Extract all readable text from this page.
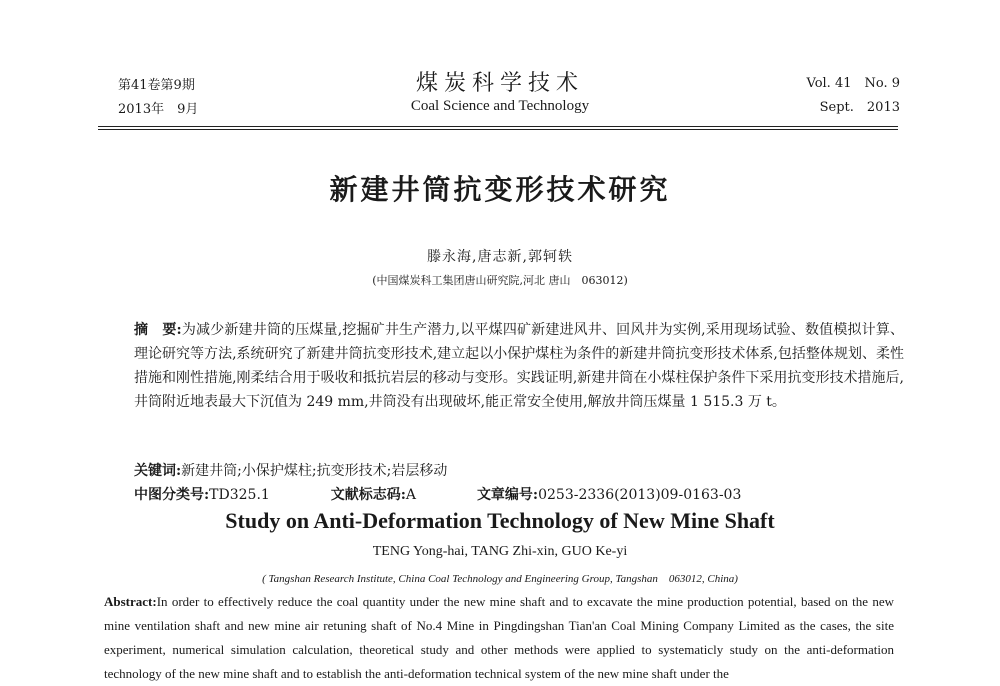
第41卷第9期
2013年　9月
煤炭科学技术
Coal Science and Technology
Vol. 41　No. 9
Sept.　2013
新建井筒抗变形技术研究
滕永海,唐志新,郭轲轶
(中国煤炭科工集团唐山研究院,河北 唐山　063012)
摘　要:为减少新建井筒的压煤量,挖掘矿井生产潜力,以平煤四矿新建进风井、回风井为实例,采用现场试验、数值模拟计算、理论研究等方法,系统研究了新建井筒抗变形技术,建立起以小保护煤柱为条件的新建井筒抗变形技术体系,包括整体规划、柔性措施和刚性措施,刚柔结合用于吸收和抵抗岩层的移动与变形。实践证明,新建井筒在小煤柱保护条件下采用抗变形技术措施后,井筒附近地表最大下沉值为 249 mm,井筒没有出现破坏,能正常安全使用,解放井筒压煤量 1 515.3 万 t。
关键词:新建井筒;小保护煤柱;抗变形技术;岩层移动
中图分类号:TD325.1	文献标志码:A	文章编号:0253-2336(2013)09-0163-03
Study on Anti-Deformation Technology of New Mine Shaft
TENG Yong-hai, TANG Zhi-xin, GUO Ke-yi
( Tangshan Research Institute, China Coal Technology and Engineering Group, Tangshan　063012, China)
Abstract:In order to effectively reduce the coal quantity under the new mine shaft and to excavate the mine production potential, based on the new mine ventilation shaft and new mine air retuning shaft of No.4 Mine in Pingdingshan Tian'an Coal Mining Company Limited as the cases, the site experiment, numerical simulation calculation, theoretical study and other methods were applied to systematicly study on the anti-deformation technology of the new mine shaft and to establish the anti-deformation technical system of the new mine shaft under the
